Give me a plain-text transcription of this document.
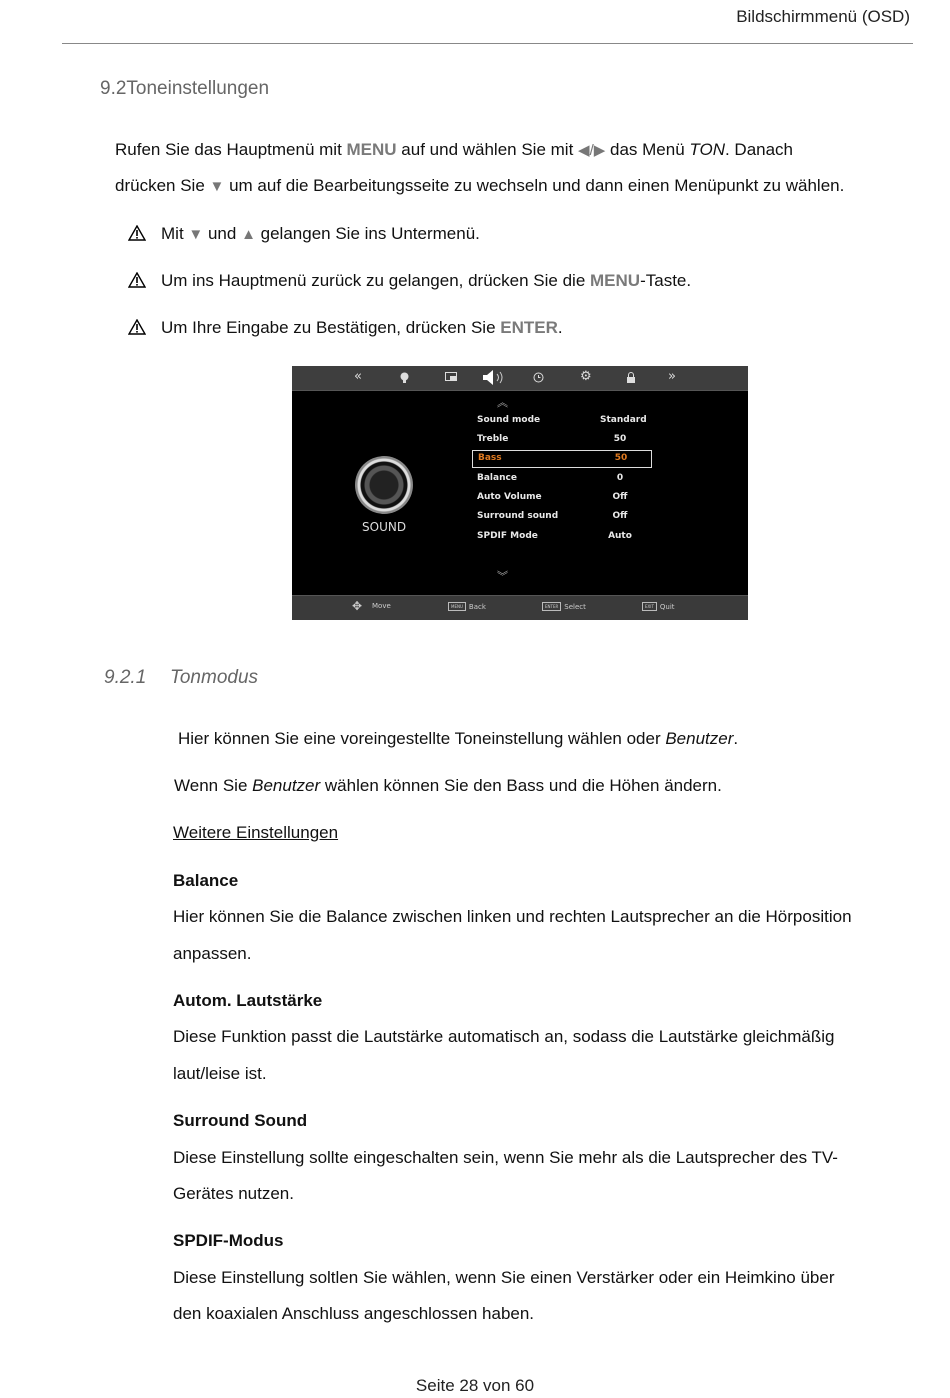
Bildschirmmenü (OSD)
9.2Toneinstellungen
Rufen Sie das Hauptmenü mit MENU auf und wählen Sie mit ◀/▶ das Menü TON. Danach
drücken Sie ▼ um auf die Bearbeitungsseite zu wechseln und dann einen Menüpunkt zu wählen.
Mit ▼ und ▲ gelangen Sie ins Untermenü.
Um ins Hauptmenü zurück zu gelangen, drücken Sie die MENU-Taste.
Um Ihre Eingabe zu Bestätigen, drücken Sie ENTER.
«	⚙	»
︽
SOUND
Sound mode	Standard
Treble	50
Bass	50
Balance	0
Auto Volume	Off
Surround sound	Off
SPDIF Mode	Auto
︾
✥ Move	MENU Back	ENTER Select	EXIT Quit
9.2.1 Tonmodus
Hier können Sie eine voreingestellte Toneinstellung wählen oder Benutzer.
Wenn Sie Benutzer wählen können Sie den Bass und die Höhen ändern.
Weitere Einstellungen
Balance
Hier können Sie die Balance zwischen linken und rechten Lautsprecher an die Hörposition
anpassen.
Autom. Lautstärke
Diese Funktion passt die Lautstärke automatisch an, sodass die Lautstärke gleichmäßig
laut/leise ist.
Surround Sound
Diese Einstellung sollte eingeschalten sein, wenn Sie mehr als die Lautsprecher des TV-
Gerätes nutzen.
SPDIF-Modus
Diese Einstellung soltlen Sie wählen, wenn Sie einen Verstärker oder ein Heimkino über
den koaxialen Anschluss angeschlossen haben.
Seite 28 von 60
